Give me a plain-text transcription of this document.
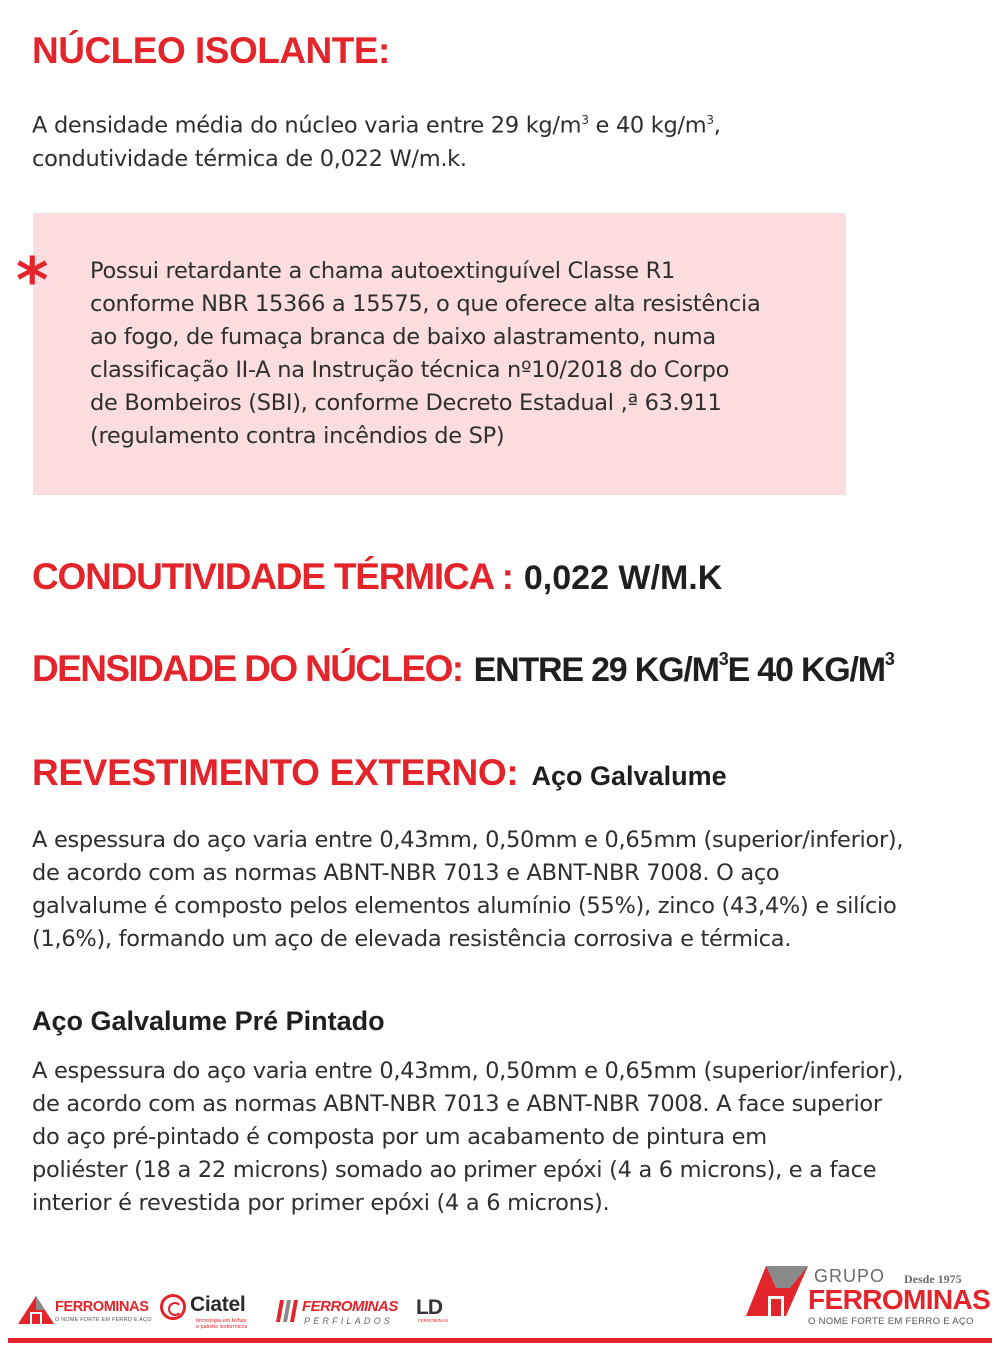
NÚCLEO ISOLANTE:
A densidade média do núcleo varia entre 29 $kg/m^3$ e 40 $kg/m^3$,
condutividade térmica de 0,022 W/m.k.
* Possui retardante a chama autoextinguível Classe R1
conforme NBR 15366 a 15575, o que oferece alta resistência
ao fogo, de fumaça branca de baixo alastramento, numa
classificação II-A na Instrução técnica nº10/2018 do Corpo
de Bombeiros (SBI), conforme Decreto Estadual ,ª 63.911
(regulamento contra incêndios de SP)
CONDUTIVIDADE TÉRMICA : 0,022 W/M.K
DENSIDADE DO NÚCLEO: ENTRE 29 $KG/M^3E$ 40 $KG/M^3$
REVESTIMENTO EXTERNO: Aço Galvalume
A espessura do aço varia entre 0,43mm, 0,50mm e 0,65mm (superior/inferior),
de acordo com as normas ABNT-NBR 7013 e ABNT-NBR 7008. O aço
galvalume é composto pelos elementos alumínio (55%), zinco (43,4%) e silício
(1,6%), formando um aço de elevada resistência corrosiva e térmica.
Aço Galvalume Pré Pintado
A espessura do aço varia entre 0,43mm, 0,50mm e 0,65mm (superior/inferior),
de acordo com as normas ABNT-NBR 7013 e ABNT-NBR 7008. A face superior
do aço pré-pintado é composta por um acabamento de pintura em
poliéster (18 a 22 microns) somado ao primer epóxi (4 a 6 microns), e a face
interior é revestida por primer epóxi (4 a 6 microns).
FERROMINAS
O NOME FORTE EM FERRO E AÇO
Ciatel
tecnologia em telhas
e painéis isotérmicos
FERROMINAS
PERFILADOS
LD
FERROMINAS
GRUPO Desde 1975
FERROMINAS
O NOME FORTE EM FERRO E AÇO
